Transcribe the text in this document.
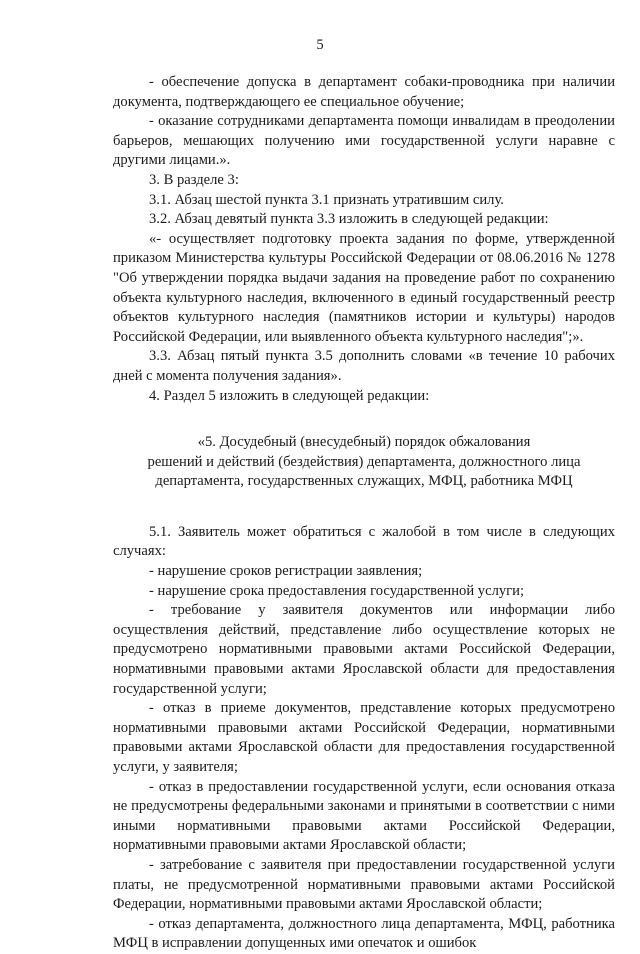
5

- обеспечение допуска в департамент собаки-проводника при наличии документа, подтверждающего ее специальное обучение;

- оказание сотрудниками департамента помощи инвалидам в преодолении барьеров, мешающих получению ими государственной услуги наравне с другими лицами.».

3. В разделе 3:

3.1. Абзац шестой пункта 3.1 признать утратившим силу.

3.2. Абзац девятый пункта 3.3 изложить в следующей редакции:

«- осуществляет подготовку проекта задания по форме, утвержденной приказом Министерства культуры Российской Федерации от 08.06.2016 № 1278 "Об утверждении порядка выдачи задания на проведение работ по сохранению объекта культурного наследия, включенного в единый государственный реестр объектов культурного наследия (памятников истории и культуры) народов Российской Федерации, или выявленного объекта культурного наследия";».

3.3. Абзац пятый пункта 3.5 дополнить словами «в течение 10 рабочих дней с момента получения задания».

4. Раздел 5 изложить в следующей редакции:

«5. Досудебный (внесудебный) порядок обжалования
решений и действий (бездействия) департамента, должностного лица
департамента, государственных служащих, МФЦ, работника МФЦ

5.1. Заявитель может обратиться с жалобой в том числе в следующих случаях:

- нарушение сроков регистрации заявления;

- нарушение срока предоставления государственной услуги;

- требование у заявителя документов или информации либо осуществления действий, представление либо осуществление которых не предусмотрено нормативными правовыми актами Российской Федерации, нормативными правовыми актами Ярославской области для предоставления государственной услуги;

- отказ в приеме документов, представление которых предусмотрено нормативными правовыми актами Российской Федерации, нормативными правовыми актами Ярославской области для предоставления государственной услуги, у заявителя;

- отказ в предоставлении государственной услуги, если основания отказа не предусмотрены федеральными законами и принятыми в соответствии с ними иными нормативными правовыми актами Российской Федерации, нормативными правовыми актами Ярославской области;

- затребование с заявителя при предоставлении государственной услуги платы, не предусмотренной нормативными правовыми актами Российской Федерации, нормативными правовыми актами Ярославской области;

- отказ департамента, должностного лица департамента, МФЦ, работника МФЦ в исправлении допущенных ими опечаток и ошибок
